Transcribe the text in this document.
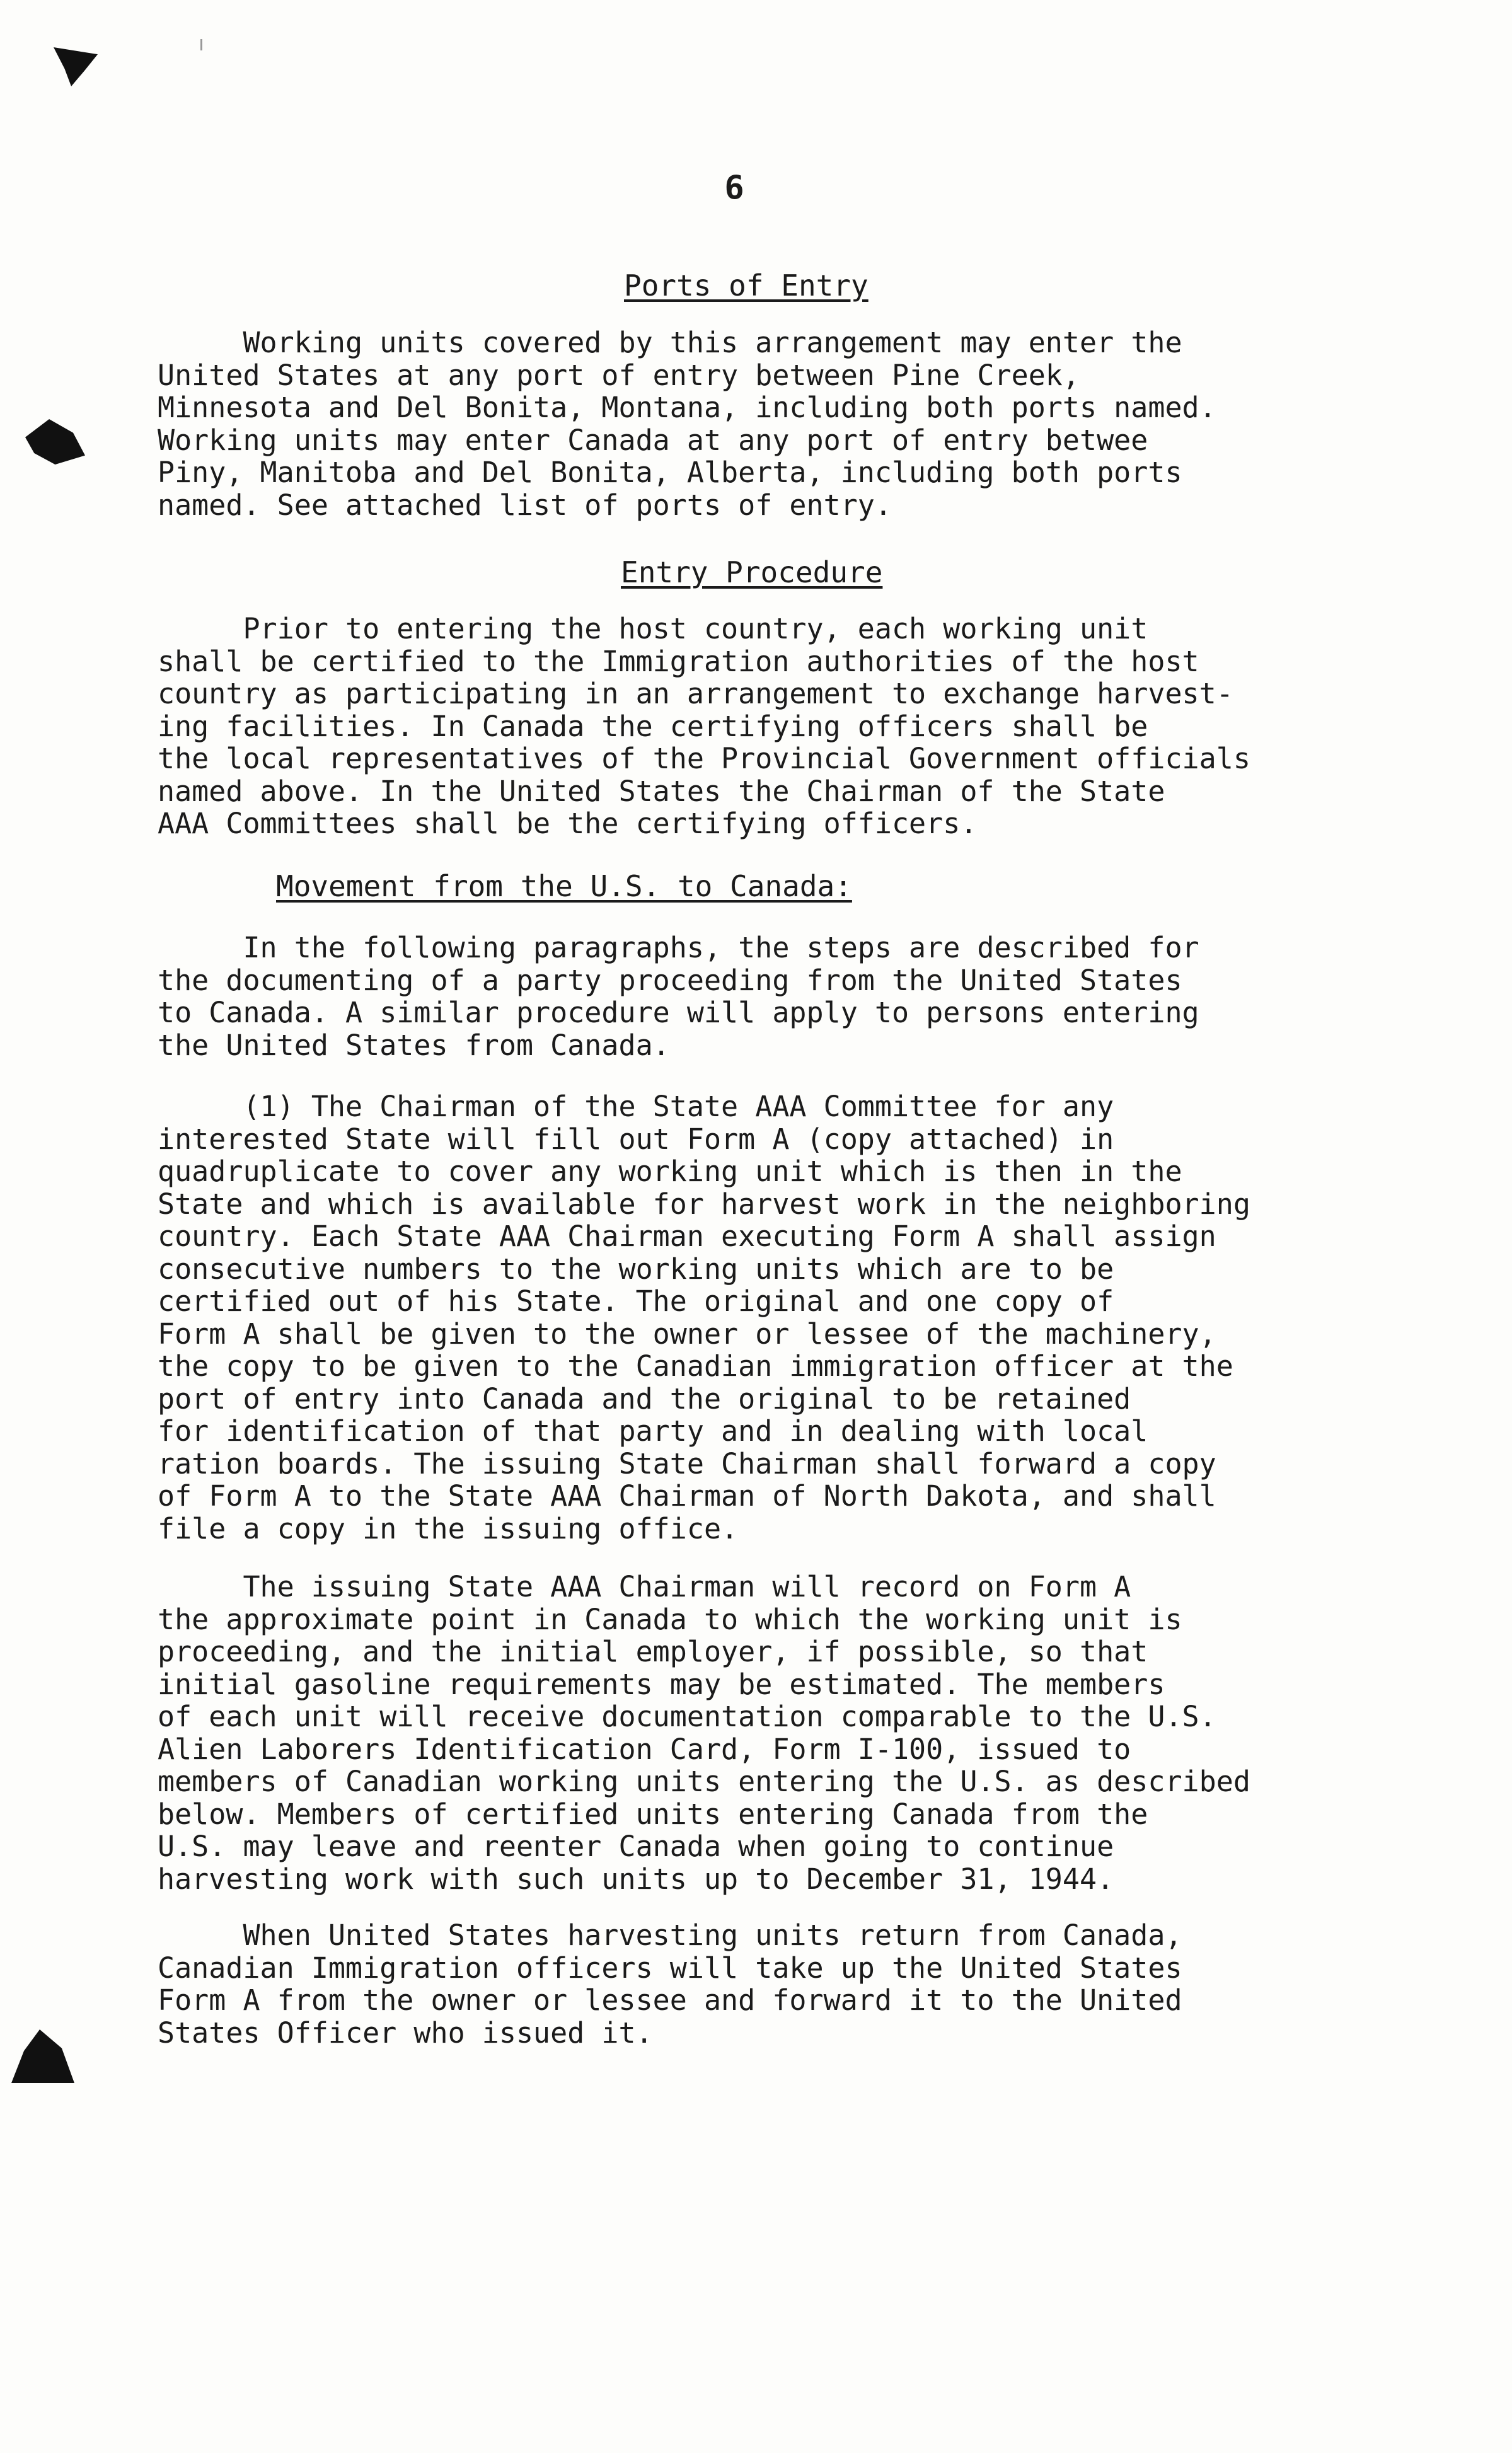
6
Ports of Entry
Working units covered by this arrangement may enter the
United States at any port of entry between Pine Creek,
Minnesota and Del Bonita, Montana, including both ports named.
Working units may enter Canada at any port of entry betwee
Piny, Manitoba and Del Bonita, Alberta, including both ports
named. See attached list of ports of entry.
Entry Procedure
Prior to entering the host country, each working unit
shall be certified to the Immigration authorities of the host
country as participating in an arrangement to exchange harvest-
ing facilities. In Canada the certifying officers shall be
the local representatives of the Provincial Government officials
named above. In the United States the Chairman of the State
AAA Committees shall be the certifying officers.
Movement from the U.S. to Canada:
In the following paragraphs, the steps are described for
the documenting of a party proceeding from the United States
to Canada. A similar procedure will apply to persons entering
the United States from Canada.
(1) The Chairman of the State AAA Committee for any
interested State will fill out Form A (copy attached) in
quadruplicate to cover any working unit which is then in the
State and which is available for harvest work in the neighboring
country. Each State AAA Chairman executing Form A shall assign
consecutive numbers to the working units which are to be
certified out of his State. The original and one copy of
Form A shall be given to the owner or lessee of the machinery,
the copy to be given to the Canadian immigration officer at the
port of entry into Canada and the original to be retained
for identification of that party and in dealing with local
ration boards. The issuing State Chairman shall forward a copy
of Form A to the State AAA Chairman of North Dakota, and shall
file a copy in the issuing office.
The issuing State AAA Chairman will record on Form A
the approximate point in Canada to which the working unit is
proceeding, and the initial employer, if possible, so that
initial gasoline requirements may be estimated. The members
of each unit will receive documentation comparable to the U.S.
Alien Laborers Identification Card, Form I-100, issued to
members of Canadian working units entering the U.S. as described
below. Members of certified units entering Canada from the
U.S. may leave and reenter Canada when going to continue
harvesting work with such units up to December 31, 1944.
When United States harvesting units return from Canada,
Canadian Immigration officers will take up the United States
Form A from the owner or lessee and forward it to the United
States Officer who issued it.
